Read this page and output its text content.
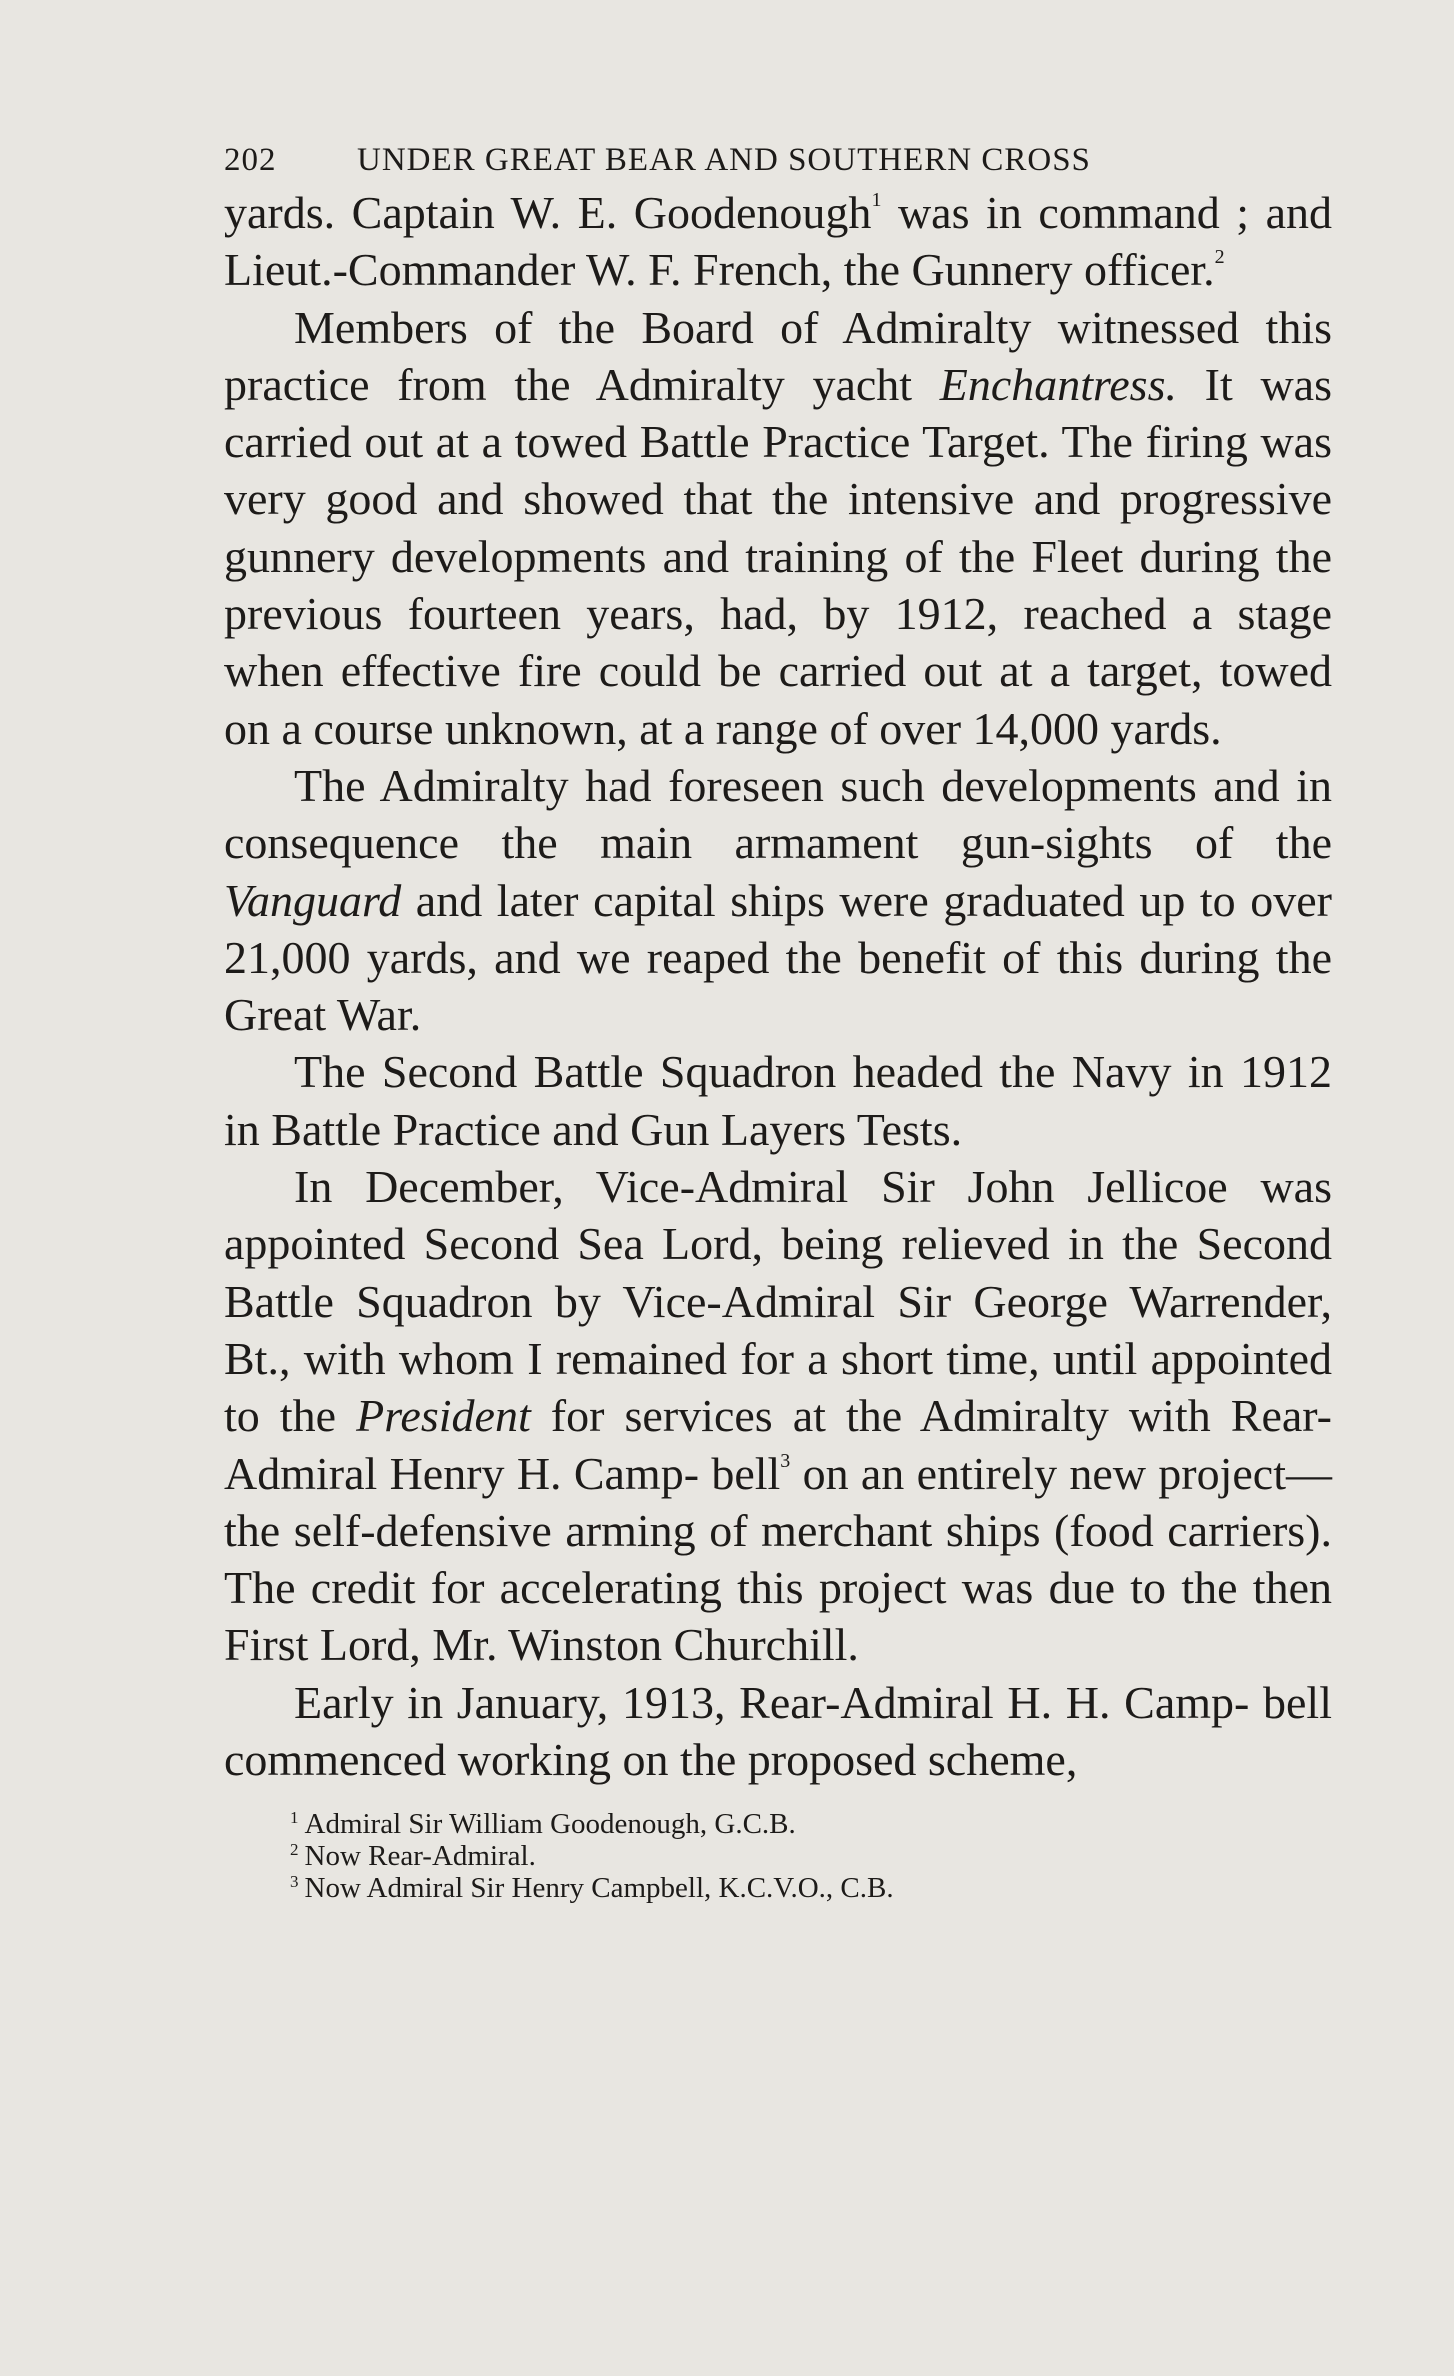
202 UNDER GREAT BEAR AND SOUTHERN CROSS

yards. Captain W. E. Goodenough$^1$ was in command ; and Lieut.-Commander W. F. French, the Gunnery officer.$^2$

Members of the Board of Admiralty witnessed this practice from the Admiralty yacht Enchantress. It was carried out at a towed Battle Practice Target. The firing was very good and showed that the intensive and progressive gunnery developments and training of the Fleet during the previous fourteen years, had, by 1912, reached a stage when effective fire could be carried out at a target, towed on a course unknown, at a range of over 14,000 yards.

The Admiralty had foreseen such developments and in consequence the main armament gun-sights of the Vanguard and later capital ships were graduated up to over 21,000 yards, and we reaped the benefit of this during the Great War.

The Second Battle Squadron headed the Navy in 1912 in Battle Practice and Gun Layers Tests.

In December, Vice-Admiral Sir John Jellicoe was appointed Second Sea Lord, being relieved in the Second Battle Squadron by Vice-Admiral Sir George Warrender, Bt., with whom I remained for a short time, until appointed to the President for services at the Admiralty with Rear-Admiral Henry H. Camp- bell$^3$ on an entirely new project—the self-defensive arming of merchant ships (food carriers). The credit for accelerating this project was due to the then First Lord, Mr. Winston Churchill.

Early in January, 1913, Rear-Admiral H. H. Camp- bell commenced working on the proposed scheme,

$^1$ Admiral Sir William Goodenough, G.C.B.
$^2$ Now Rear-Admiral.
$^3$ Now Admiral Sir Henry Campbell, K.C.V.O., C.B.
